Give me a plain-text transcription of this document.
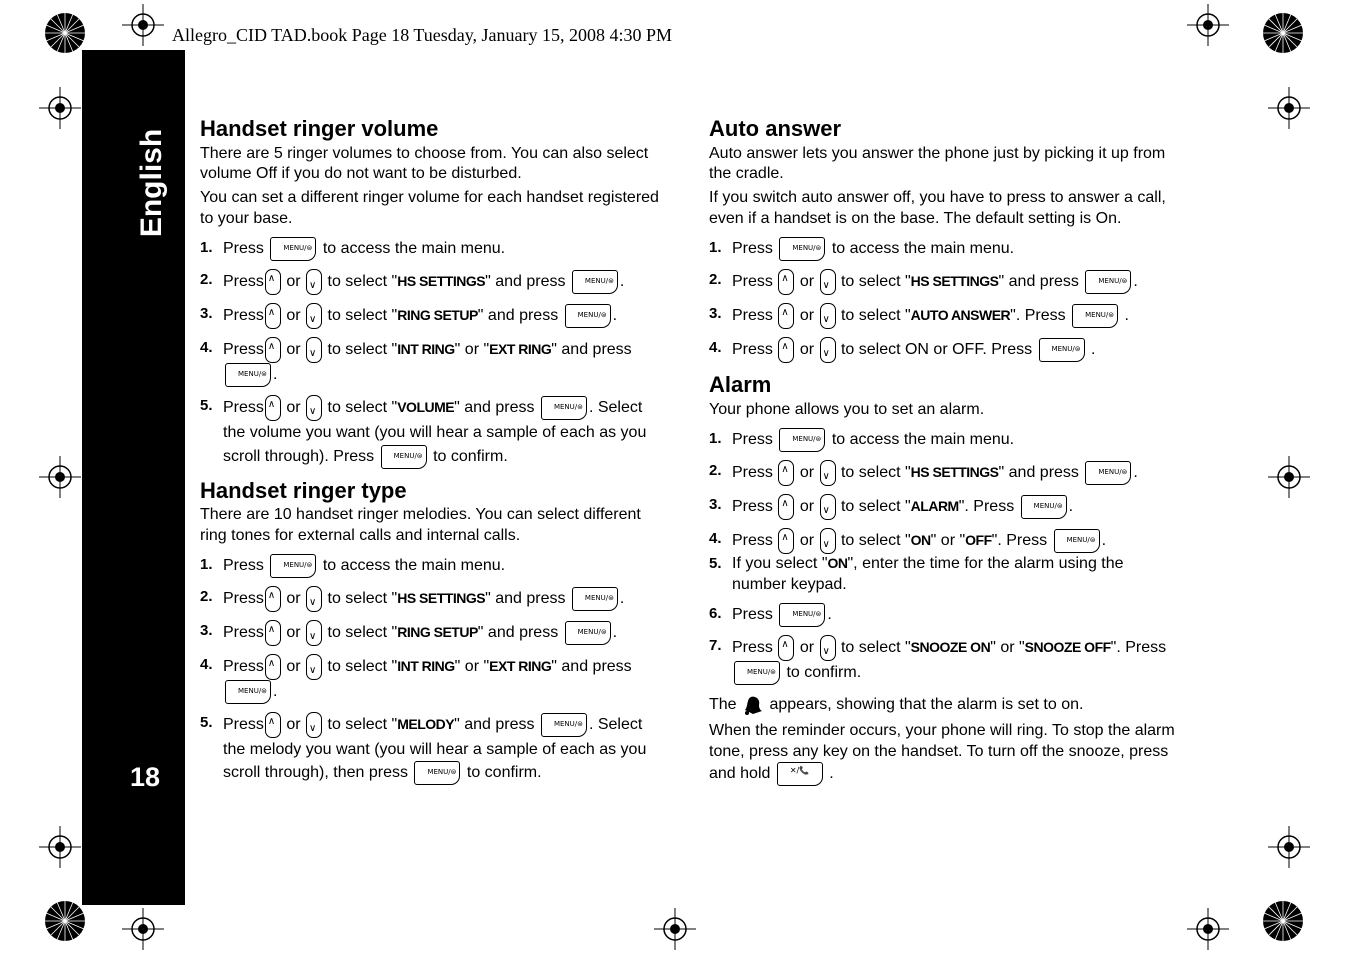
Allegro_CID TAD.book Page 18 Tuesday, January 15, 2008 4:30 PM
English
18
Handset ringer volume

There are 5 ringer volumes to choose from. You can also select volume Off if you do not want to be disturbed.

You can set a different ringer volume for each handset registered to your base.

1. Press MENU/⊜	to access the main menu.
2. Press ∧ or ∨ to select "HS SETTINGS" and press MENU/⊜	.
3. Press ∧ or ∨ to select "RING SETUP" and press MENU/⊜	.
4. Press ∧ or ∨ to select "INT RING" or "EXT RING" and press
MENU/⊜.
5. Press ∧ or ∨ to select "VOLUME" and press MENU/⊜	. Select the volume you want (you will hear a sample of each as you scroll through). Press MENU/⊜	to confirm.
Handset ringer type

There are 10 handset ringer melodies. You can select different ring tones for external calls and internal calls.

1. Press MENU/⊜	to access the main menu.
2. Press ∧ or ∨ to select "HS SETTINGS" and press MENU/⊜	.
3. Press ∧ or ∨ to select "RING SETUP" and press MENU/⊜	.
4. Press ∧ or ∨ to select "INT RING" or "EXT RING" and press
MENU/⊜.
5. Press ∧ or ∨ to select "MELODY" and press MENU/⊜	. Select the melody you want (you will hear a sample of each as you scroll through), then press MENU/⊜	to confirm.
Auto answer

Auto answer lets you answer the phone just by picking it up from the cradle.

If you switch auto answer off, you have to press to answer a call, even if a handset is on the base. The default setting is On.

1. Press MENU/⊜	to access the main menu.
2. Press ∧ or ∨ to select "HS SETTINGS" and press MENU/⊜	.
3. Press ∧ or ∨ to select "AUTO ANSWER". Press MENU/⊜	.
4. Press ∧ or ∨ to select ON or OFF. Press MENU/⊜	.
Alarm

Your phone allows you to set an alarm.

1. Press MENU/⊜	to access the main menu.
2. Press ∧ or ∨ to select "HS SETTINGS" and press MENU/⊜	.
3. Press ∧ or ∨ to select "ALARM". Press MENU/⊜	.
4. Press ∧ or ∨ to select "ON" or "OFF". Press MENU/⊜	.
5. If you select "ON", enter the time for the alarm using the number keypad.
6. Press MENU/⊜	.
7. Press ∧ or ∨ to select "SNOOZE ON" or "SNOOZE OFF". Press
MENU/⊜ to confirm.

The appears, showing that the alarm is set to on.

When the reminder occurs, your phone will ring. To stop the alarm tone, press any key on the handset. To turn off the snooze, press and hold ✕/📞	.
